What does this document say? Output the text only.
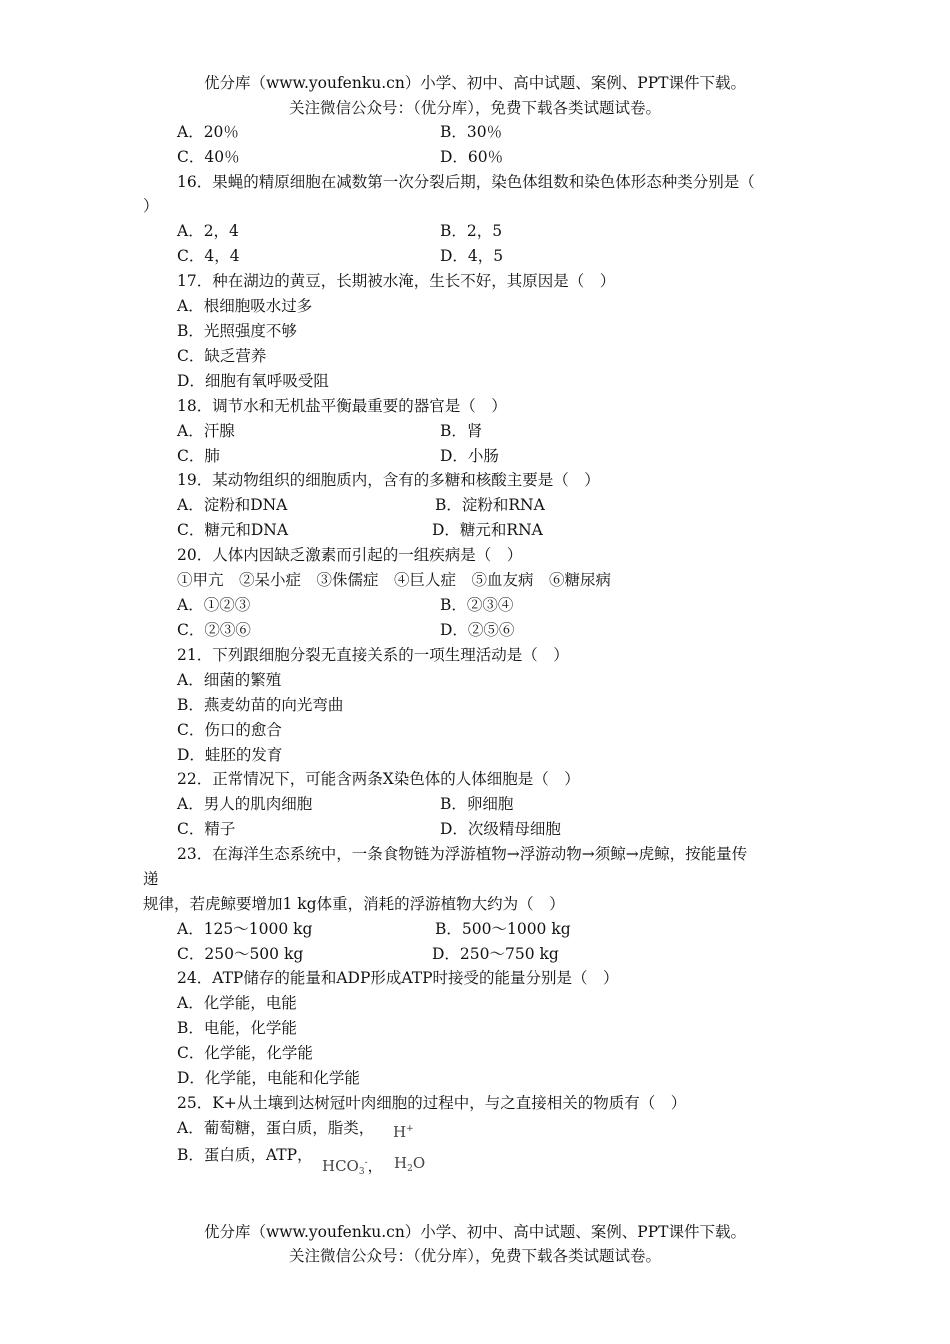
优分库（www.youfenku.cn）小学、初中、高中试题、案例、PPT课件下载。
关注微信公众号：（优分库），免费下载各类试题试卷。
A．20％	B．30％
C．40％	D．60％
16．果蝇的精原细胞在减数第一次分裂后期，染色体组数和染色体形态种类分别是（
）
A．2，4	B．2，5
C．4，4	D．4，5
17．种在湖边的黄豆，长期被水淹，生长不好，其原因是（　）
A．根细胞吸水过多
B．光照强度不够
C．缺乏营养
D．细胞有氧呼吸受阻
18．调节水和无机盐平衡最重要的器官是（　）
A．汗腺	B．肾
C．肺	D．小肠
19．某动物组织的细胞质内，含有的多糖和核酸主要是（　）
A．淀粉和DNA	B．淀粉和RNA
C．糖元和DNA	D．糖元和RNA
20．人体内因缺乏激素而引起的一组疾病是（　）
①甲亢　②呆小症　③侏儒症　④巨人症　⑤血友病　⑥糖尿病
A．①②③	B．②③④
C．②③⑥	D．②⑤⑥
21．下列跟细胞分裂无直接关系的一项生理活动是（　）
A．细菌的繁殖
B．燕麦幼苗的向光弯曲
C．伤口的愈合
D．蛙胚的发育
22．正常情况下，可能含两条X染色体的人体细胞是（　）
A．男人的肌肉细胞	B．卵细胞
C．精子	D．次级精母细胞
23．在海洋生态系统中，一条食物链为浮游植物→浮游动物→须鲸→虎鲸，按能量传
递
规律，若虎鲸要增加1 kg体重，消耗的浮游植物大约为（　）
A．125～1000 kg	B．500～1000 kg
C．250～500 kg	D．250～750 kg
24．ATP储存的能量和ADP形成ATP时接受的能量分别是（　）
A．化学能，电能
B．电能，化学能
C．化学能，化学能
D．化学能，电能和化学能
25．K+从土壤到达树冠叶肉细胞的过程中，与之直接相关的物质有（　）
A．葡萄糖，蛋白质，脂类， H+
B．蛋白质，ATP，
$HCO_3^-$， $H_2O$
优分库（www.youfenku.cn）小学、初中、高中试题、案例、PPT课件下载。
关注微信公众号：（优分库），免费下载各类试题试卷。
